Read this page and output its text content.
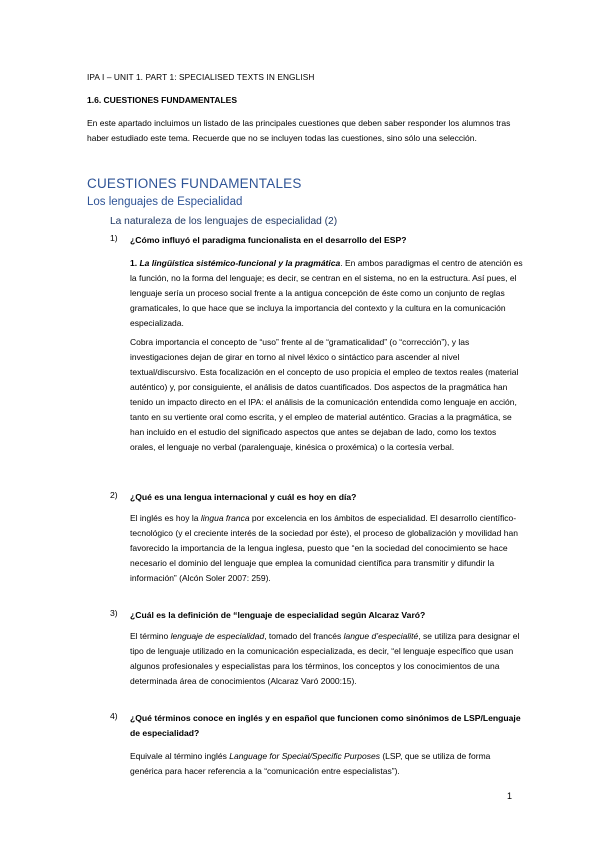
IPA I – UNIT 1. PART 1: SPECIALISED TEXTS IN ENGLISH
1.6. CUESTIONES FUNDAMENTALES
En este apartado incluimos un listado de las principales cuestiones que deben saber responder los alumnos tras haber estudiado este tema. Recuerde que no se incluyen todas las cuestiones, sino sólo una selección.
CUESTIONES FUNDAMENTALES
Los lenguajes de Especialidad
La naturaleza de los lenguajes de especialidad (2)
1) ¿Cómo influyó el paradigma funcionalista en el desarrollo del ESP?
1. La lingüística sistémico-funcional y la pragmática. En ambos paradigmas el centro de atención es la función, no la forma del lenguaje; es decir, se centran en el sistema, no en la estructura. Así pues, el lenguaje sería un proceso social frente a la antigua concepción de éste como un conjunto de reglas gramaticales, lo que hace que se incluya la importancia del contexto y la cultura en la comunicación especializada.
Cobra importancia el concepto de “uso” frente al de “gramaticalidad” (o “corrección”), y las investigaciones dejan de girar en torno al nivel léxico o sintáctico para ascender al nivel textual/discursivo. Esta focalización en el concepto de uso propicia el empleo de textos reales (material auténtico) y, por consiguiente, el análisis de datos cuantificados. Dos aspectos de la pragmática han tenido un impacto directo en el IPA: el análisis de la comunicación entendida como lenguaje en acción, tanto en su vertiente oral como escrita, y el empleo de material auténtico. Gracias a la pragmática, se han incluido en el estudio del significado aspectos que antes se dejaban de lado, como los textos orales, el lenguaje no verbal (paralenguaje, kinésica o proxémica) o la cortesía verbal.
2) ¿Qué es una lengua internacional y cuál es hoy en día?
El inglés es hoy la lingua franca por excelencia en los ámbitos de especialidad. El desarrollo científico-tecnológico (y el creciente interés de la sociedad por éste), el proceso de globalización y movilidad han favorecido la importancia de la lengua inglesa, puesto que “en la sociedad del conocimiento se hace necesario el dominio del lenguaje que emplea la comunidad científica para transmitir y difundir la información” (Alcón Soler 2007: 259).
3) ¿Cuál es la definición de “lenguaje de especialidad según Alcaraz Varó?
El término lenguaje de especialidad, tomado del francés langue d’especialité, se utiliza para designar el tipo de lenguaje utilizado en la comunicación especializada, es decir, “el lenguaje específico que usan algunos profesionales y especialistas para los términos, los conceptos y los conocimientos de una determinada área de conocimientos (Alcaraz Varó 2000:15).
4) ¿Qué términos conoce en inglés y en español que funcionen como sinónimos de LSP/Lenguaje de especialidad?
Equivale al término inglés Language for Special/Specific Purposes (LSP, que se utiliza de forma genérica para hacer referencia a la “comunicación entre especialistas”).
1
